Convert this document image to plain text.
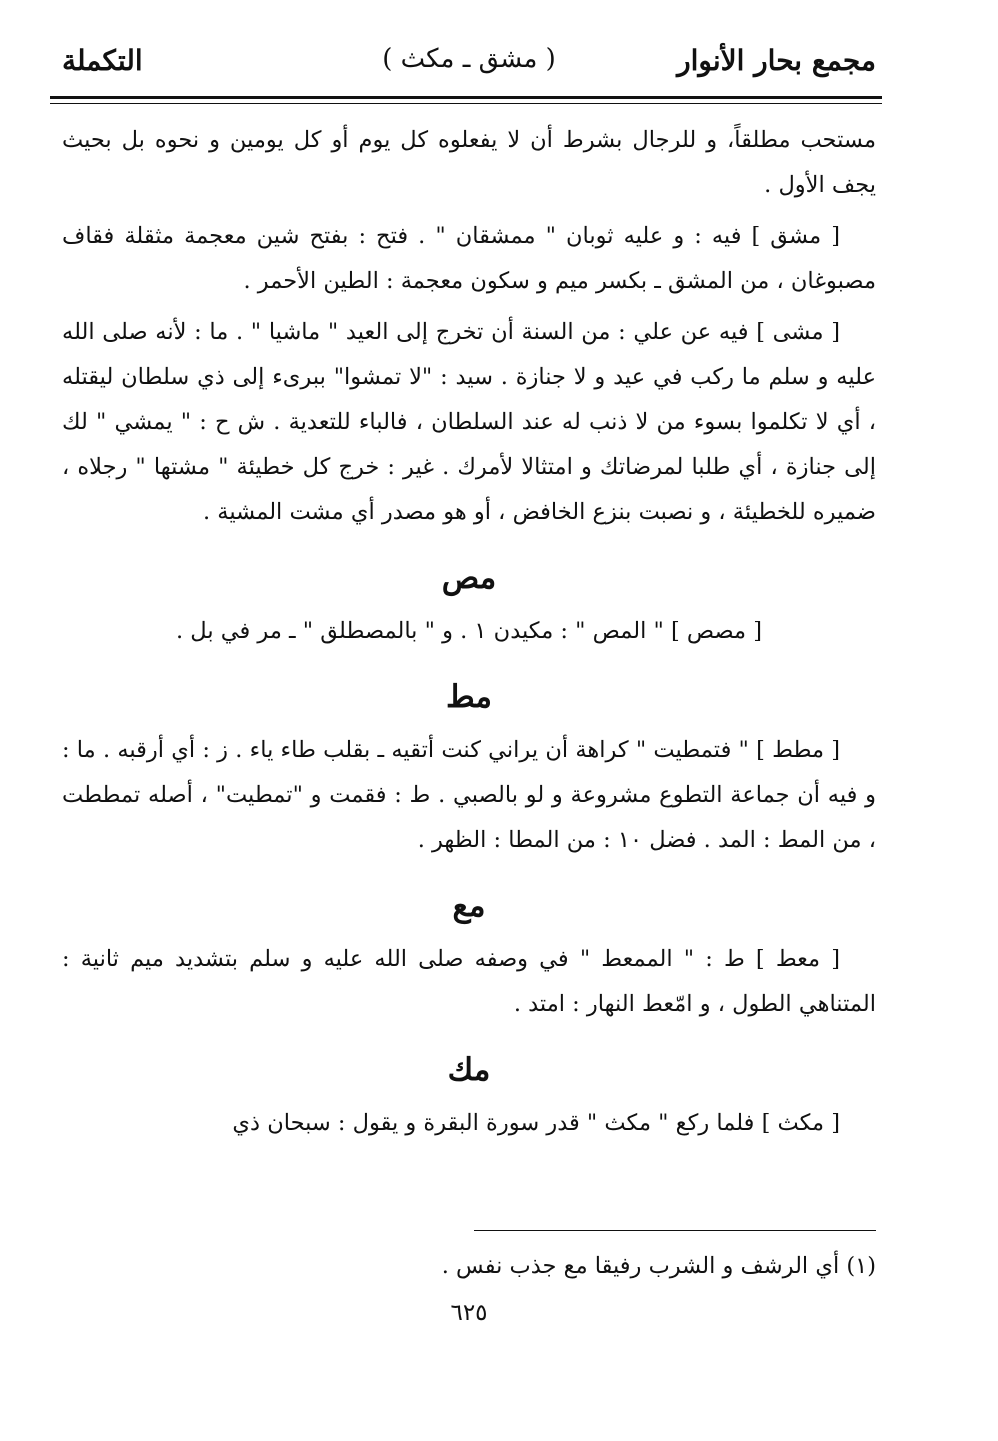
مجمع بحار الأنوار
( مشق ـ مكث )
التكملة

مستحب مطلقاً، و للرجال بشرط أن لا يفعلوه كل يوم أو كل يومين و نحوه بل بحيث يجف الأول .

[ مشق ] فيه : و عليه ثوبان " ممشقان " . فتح : بفتح شين معجمة مثقلة فقاف مصبوغان ، من المشق ـ بكسر ميم و سكون معجمة : الطين الأحمر .

[ مشى ] فيه عن علي : من السنة أن تخرج إلى العيد " ماشيا " . ما : لأنه صلى الله عليه و سلم ما ركب في عيد و لا جنازة . سيد : "لا تمشوا" ببرىء إلى ذي سلطان ليقتله ، أي لا تكلموا بسوء من لا ذنب له عند السلطان ، فالباء للتعدية . ش ح : " يمشي " لك إلى جنازة ، أي طلبا لمرضاتك و امتثالا لأمرك . غير : خرج كل خطيئة " مشتها " رجلاه ، ضميره للخطيئة ، و نصبت بنزع الخافض ، أو هو مصدر أي مشت المشية .

مص

[ مصص ] " المص " : مكيدن ١ . و " بالمصطلق " ـ مر في بل .

مط

[ مطط ] " فتمطيت " كراهة أن يراني كنت أتقيه ـ بقلب طاء ياء . ز : أي أرقبه . ما : و فيه أن جماعة التطوع مشروعة و لو بالصبي . ط : فقمت و "تمطيت" ، أصله تمططت ، من المط : المد . فضل ١٠ : من المطا : الظهر .

مع

[ معط ] ط : " الممعط " في وصفه صلى الله عليه و سلم بتشديد ميم ثانية : المتناهي الطول ، و امّعط النهار : امتد .

مك

[ مكث ] فلما ركع " مكث " قدر سورة البقرة و يقول : سبحان ذي

(١) أي الرشف و الشرب رفيقا مع جذب نفس .
٦٢٥
